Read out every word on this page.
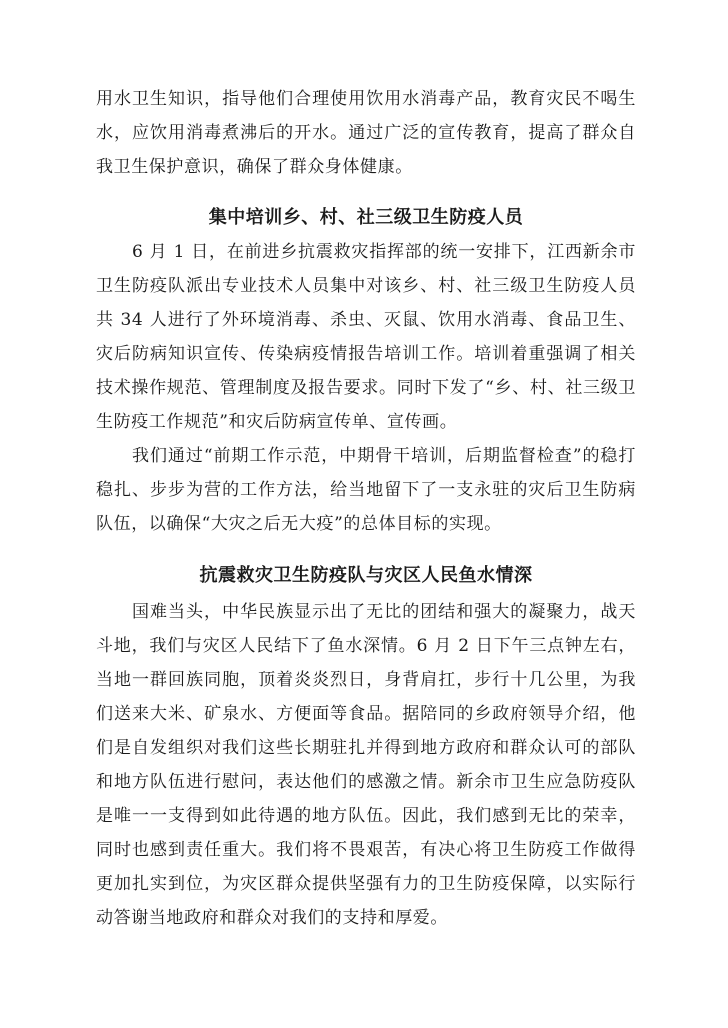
用水卫生知识，指导他们合理使用饮用水消毒产品，教育灾民不喝生水，应饮用消毒煮沸后的开水。通过广泛的宣传教育，提高了群众自我卫生保护意识，确保了群众身体健康。

集中培训乡、村、社三级卫生防疫人员

6 月 1 日，在前进乡抗震救灾指挥部的统一安排下，江西新余市卫生防疫队派出专业技术人员集中对该乡、村、社三级卫生防疫人员共 34 人进行了外环境消毒、杀虫、灭鼠、饮用水消毒、食品卫生、灾后防病知识宣传、传染病疫情报告培训工作。培训着重强调了相关技术操作规范、管理制度及报告要求。同时下发了“乡、村、社三级卫生防疫工作规范”和灾后防病宣传单、宣传画。

我们通过“前期工作示范，中期骨干培训，后期监督检查”的稳打稳扎、步步为营的工作方法，给当地留下了一支永驻的灾后卫生防病队伍，以确保“大灾之后无大疫”的总体目标的实现。

抗震救灾卫生防疫队与灾区人民鱼水情深

国难当头，中华民族显示出了无比的团结和强大的凝聚力，战天斗地，我们与灾区人民结下了鱼水深情。6 月 2 日下午三点钟左右，当地一群回族同胞，顶着炎炎烈日，身背肩扛，步行十几公里，为我们送来大米、矿泉水、方便面等食品。据陪同的乡政府领导介绍，他们是自发组织对我们这些长期驻扎并得到地方政府和群众认可的部队和地方队伍进行慰问，表达他们的感激之情。新余市卫生应急防疫队是唯一一支得到如此待遇的地方队伍。因此，我们感到无比的荣幸，同时也感到责任重大。我们将不畏艰苦，有决心将卫生防疫工作做得更加扎实到位，为灾区群众提供坚强有力的卫生防疫保障，以实际行动答谢当地政府和群众对我们的支持和厚爱。
